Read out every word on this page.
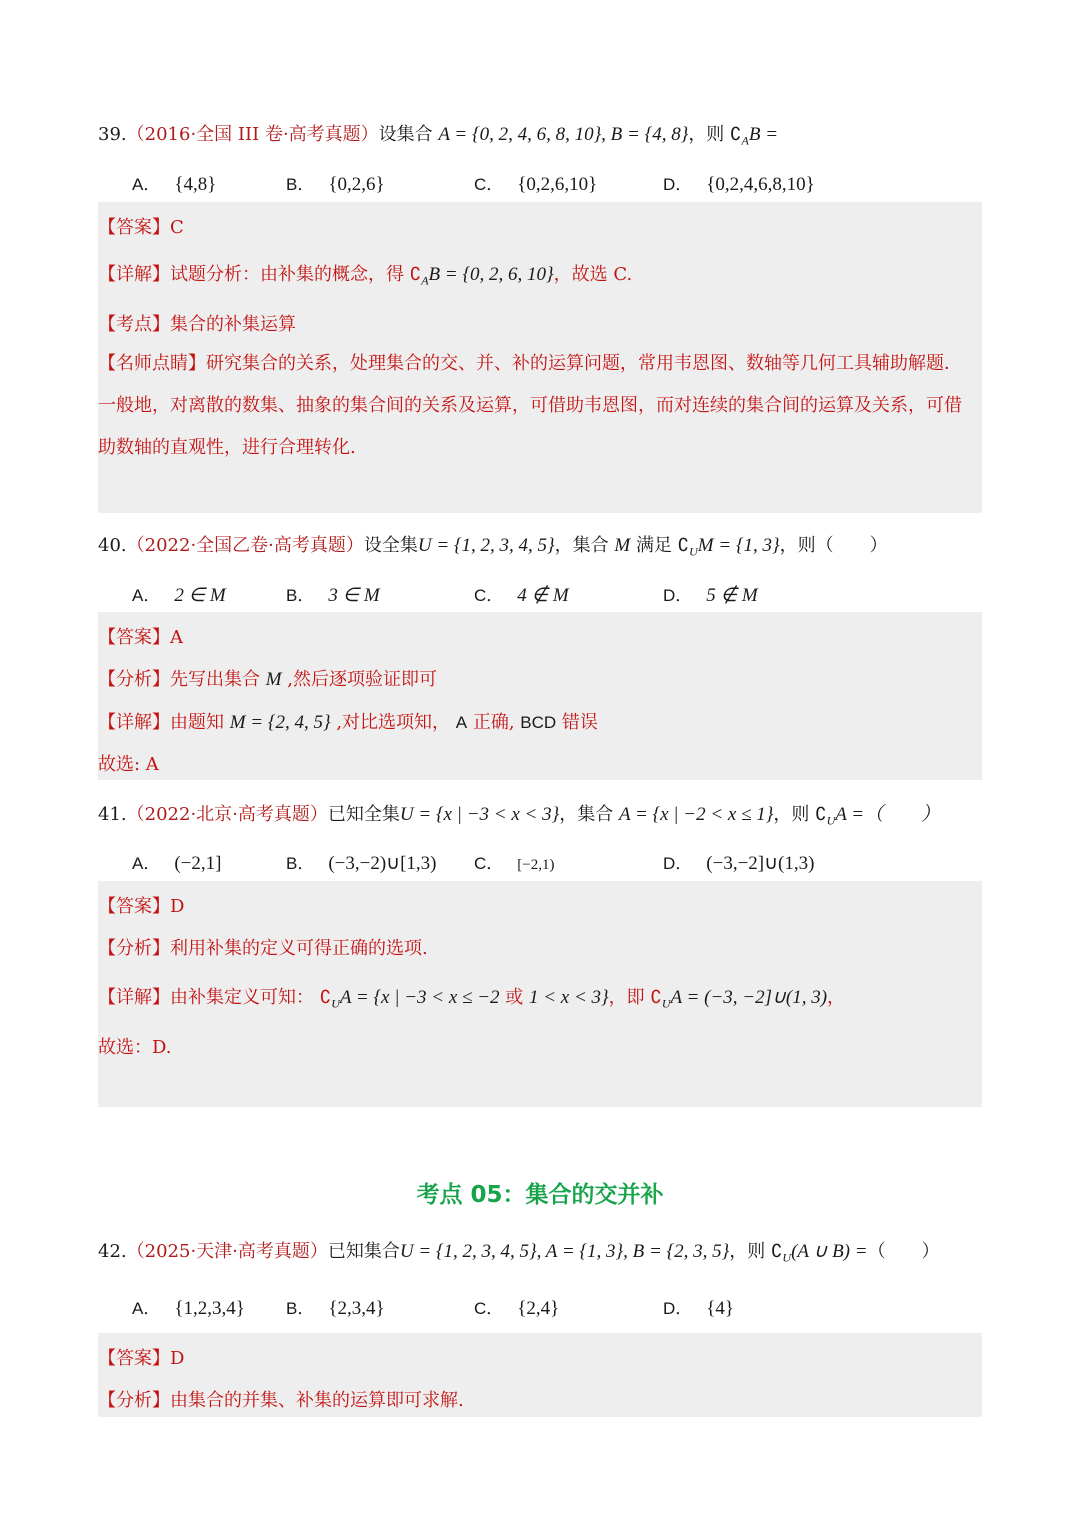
39.（2016·全国 III 卷·高考真题）设集合 A = {0, 2, 4, 6, 8, 10}, B = {4, 8}，则 $∁_AB$ =
A． {4,8}	B． {0,2,6}	C． {0,2,6,10}	D． {0,2,4,6,8,10}
【答案】C
【详解】试题分析：由补集的概念，得 $∁_AB = \{0$, 2, 6, 10}，故选 C.
【考点】集合的补集运算
【名师点睛】研究集合的关系，处理集合的交、并、补的运算问题，常用韦恩图、数轴等几何工具辅助解题．一般地，对离散的数集、抽象的集合间的关系及运算，可借助韦恩图，而对连续的集合间的运算及关系，可借助数轴的直观性，进行合理转化.
40.（2022·全国乙卷·高考真题）设全集U = {1, 2, 3, 4, 5}，集合 M 满足 $∁_UM = \{1$, 3}，则（　　）
A． 2 ∈ M	B． 3 ∈ M	C． 4 ∉ M	D． 5 ∉ M
【答案】A
【分析】先写出集合 M ,然后逐项验证即可
【详解】由题知 M = {2, 4, 5} ,对比选项知， A 正确, BCD 错误
故选: A
41.（2022·北京·高考真题）已知全集U = {x | −3 < x < 3}，集合 A = {x | −2 < x ≤ 1}，则 $∁_UA$ =（　　）
A． (−2,1]	B． (−3,−2)∪[1,3) C． [−2,1)	D． (−3,−2]∪(1,3)
【答案】D
【分析】利用补集的定义可得正确的选项.
【详解】由补集定义可知： $∁_UA = \{x$ | −3 < x ≤ −2 或 1 < x < 3}，即 $∁_UA = (-3$, −2]∪(1, 3)，
故选：D.
考点 05：集合的交并补
42.（2025·天津·高考真题）已知集合U = {1, 2, 3, 4, 5}, A = {1, 3}, B = {2, 3, 5}，则 $∁_U(A$ ∪ B) =（　　）
A． {1,2,3,4} B． {2,3,4}	C． {2,4}	D． {4}
【答案】D
【分析】由集合的并集、补集的运算即可求解.
